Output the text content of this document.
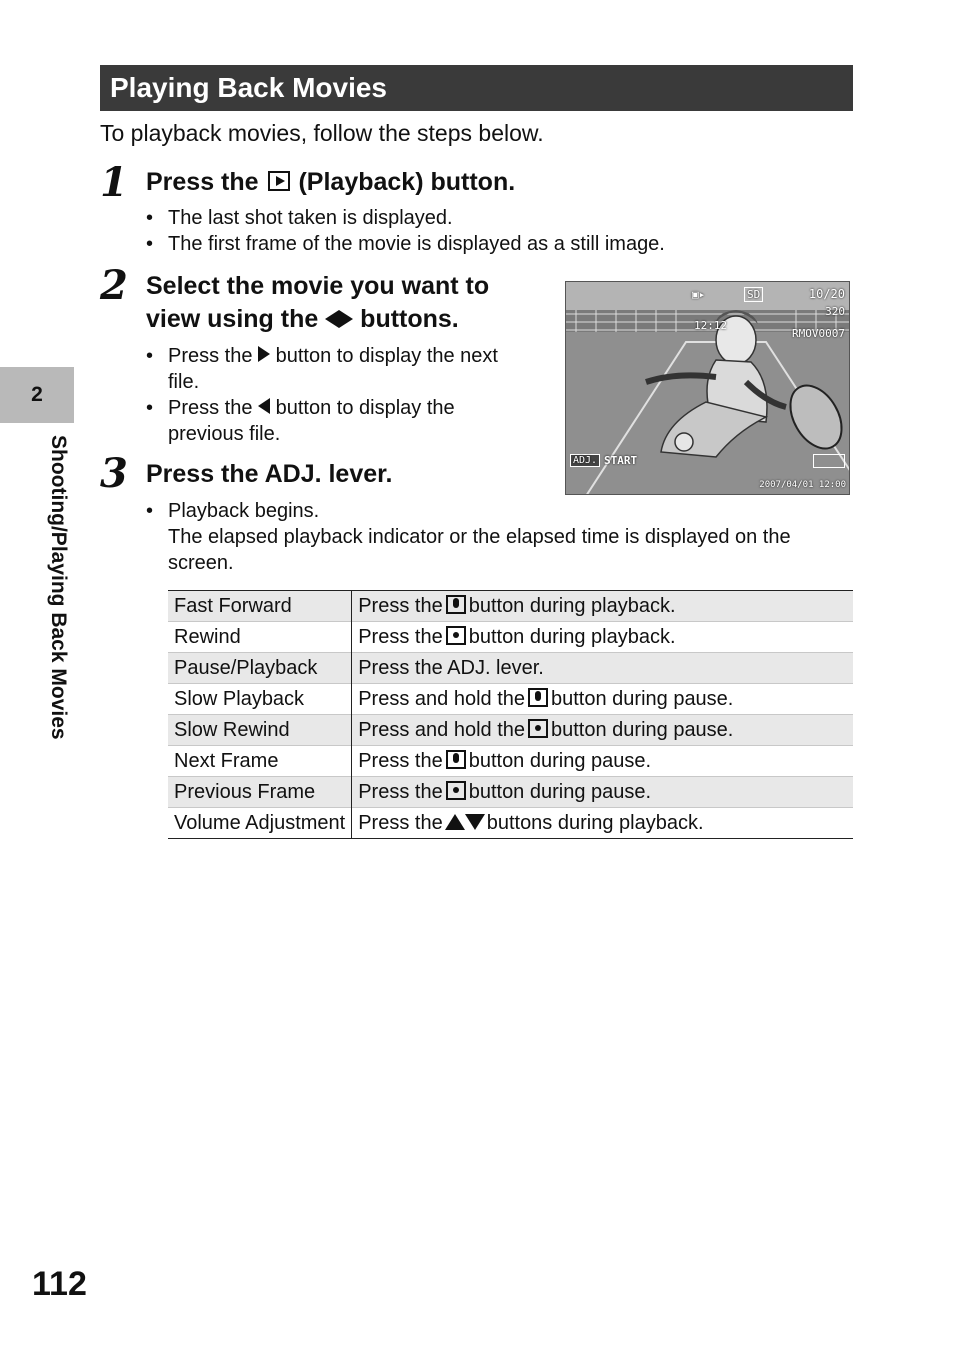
Playing Back Movies
To playback movies, follow the steps below.
1 Press the (Playback) button.
• The last shot taken is displayed.
• The first frame of the movie is displayed as a still image.
2 Select the movie you want to
view using the buttons.
• Press the button to display the next
file.
• Press the button to display the
previous file.
▣▸	SD	10/20
320
12:12
RMOV0007
ADJ. START
2007/04/01 12:00
3 Press the ADJ. lever.
• Playback begins.
The elapsed playback indicator or the elapsed time is displayed on the
screen.
Fast Forward	Press the button during playback.
Rewind	Press the button during playback.
Pause/Playback	Press the ADJ. lever.
Slow Playback	Press and hold the button during pause.
Slow Rewind	Press and hold the button during pause.
Next Frame	Press the button during pause.
Previous Frame	Press the button during pause.
Volume Adjustment	Press the buttons during playback.
2
Shooting/Playing Back Movies
112
